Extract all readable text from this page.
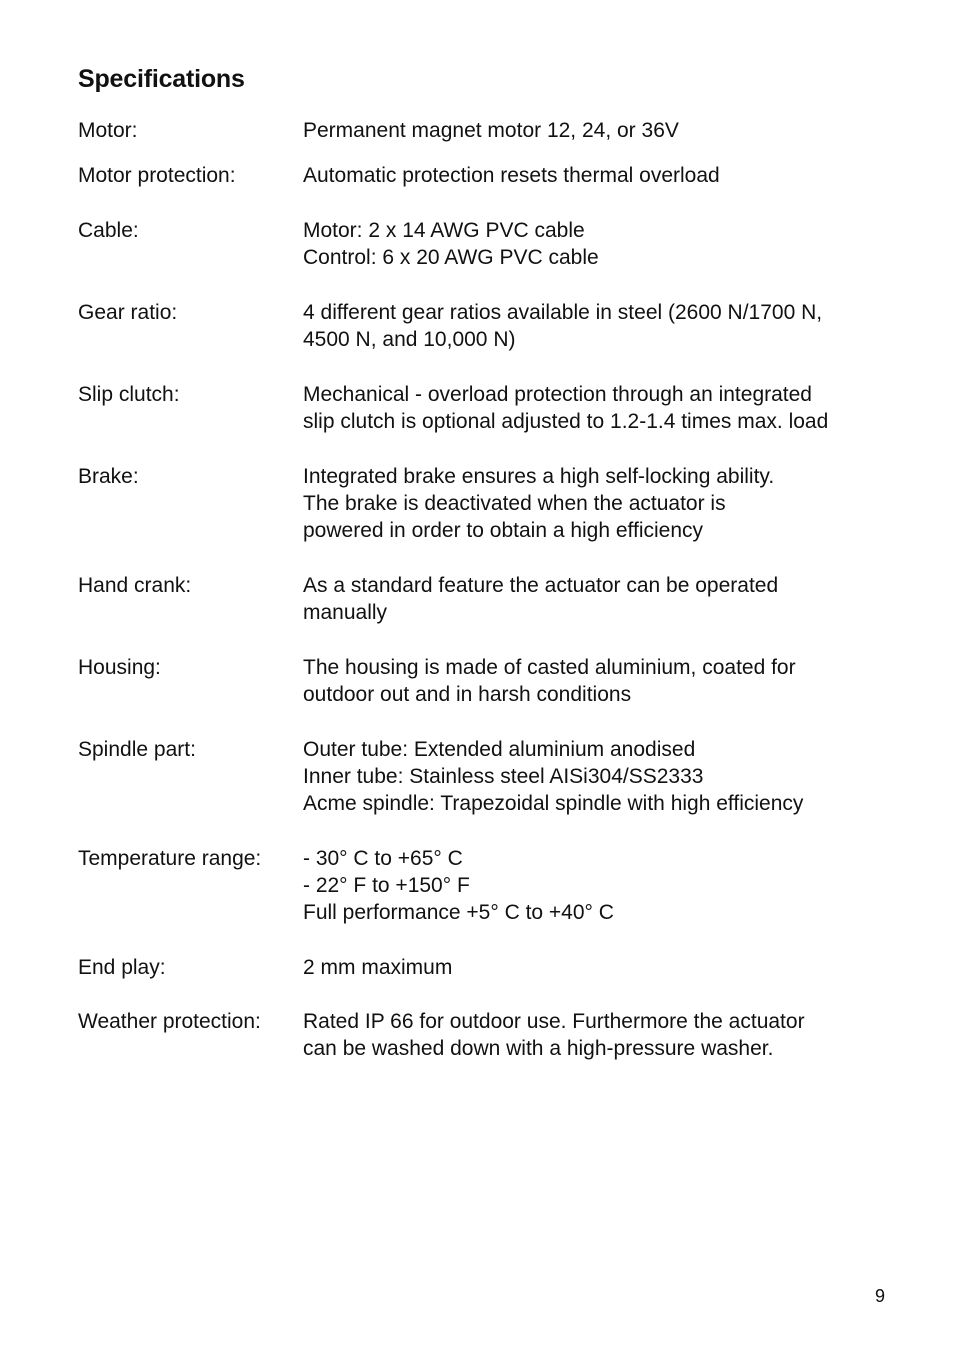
Specifications
Motor:	Permanent magnet motor 12, 24, or 36V
Motor protection:	Automatic protection resets thermal overload
Cable:	Motor: 2 x 14 AWG PVC cable
Control: 6 x 20 AWG PVC cable
Gear ratio:	4 different gear ratios available in steel (2600 N/1700 N,
4500 N, and 10,000 N)
Slip clutch:	Mechanical - overload protection through an integrated
slip clutch is optional adjusted to 1.2-1.4 times max. load
Brake:	Integrated brake ensures a high self-locking ability.
The brake is deactivated when the actuator is
powered in order to obtain a high efficiency
Hand crank:	As a standard feature the actuator can be operated
manually
Housing:	The housing is made of casted aluminium, coated for
outdoor out and in harsh conditions
Spindle part:	Outer tube: Extended aluminium anodised
Inner tube: Stainless steel AISi304/SS2333
Acme spindle: Trapezoidal spindle with high efficiency
Temperature range:	- 30° C to +65° C
- 22° F to +150° F
Full performance +5° C to +40° C
End play:	2 mm maximum
Weather protection:	Rated IP 66 for outdoor use. Furthermore the actuator
can be washed down with a high-pressure washer.
9
